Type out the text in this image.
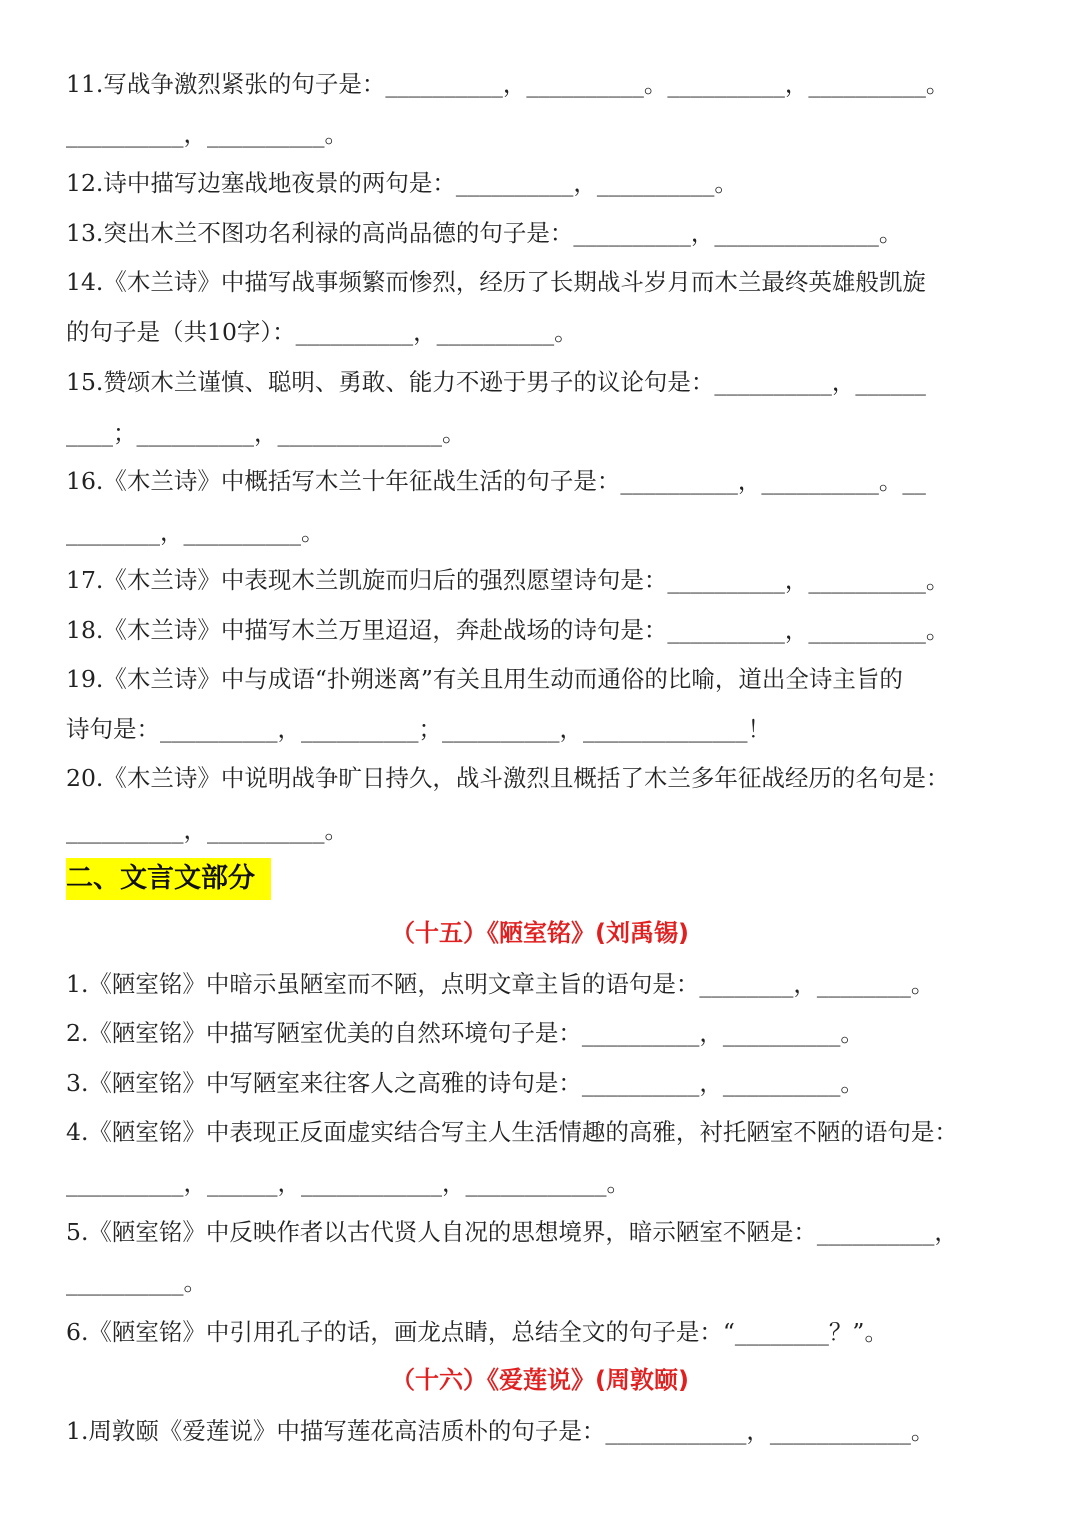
11.写战争激烈紧张的句子是：__________，__________。__________，__________。
__________，__________。
12.诗中描写边塞战地夜景的两句是：__________，__________。
13.突出木兰不图功名利禄的高尚品德的句子是：__________，______________。
14.《木兰诗》中描写战事频繁而惨烈，经历了长期战斗岁月而木兰最终英雄般凯旋
的句子是（共10字）：__________，__________。
15.赞颂木兰谨慎、聪明、勇敢、能力不逊于男子的议论句是：__________，______
____；__________，______________。
16.《木兰诗》中概括写木兰十年征战生活的句子是：__________，__________。__
________，__________。
17.《木兰诗》中表现木兰凯旋而归后的强烈愿望诗句是：__________，__________。
18.《木兰诗》中描写木兰万里迢迢，奔赴战场的诗句是：__________，__________。
19.《木兰诗》中与成语“扑朔迷离”有关且用生动而通俗的比喻，道出全诗主旨的
诗句是：__________，__________；__________，______________！
20.《木兰诗》中说明战争旷日持久，战斗激烈且概括了木兰多年征战经历的名句是：
__________，__________。
二、文言文部分
（十五）《陋室铭》(刘禹锡)
1.《陋室铭》中暗示虽陋室而不陋，点明文章主旨的语句是：________，________。
2.《陋室铭》中描写陋室优美的自然环境句子是：__________，__________。
3.《陋室铭》中写陋室来往客人之高雅的诗句是：__________，__________。
4.《陋室铭》中表现正反面虚实结合写主人生活情趣的高雅，衬托陋室不陋的语句是：
__________，______，____________，____________。
5.《陋室铭》中反映作者以古代贤人自况的思想境界，暗示陋室不陋是：__________，
__________。
6.《陋室铭》中引用孔子的话，画龙点睛，总结全文的句子是：“________？”。
（十六）《爱莲说》(周敦颐)
1.周敦颐《爱莲说》中描写莲花高洁质朴的句子是：____________，____________。
